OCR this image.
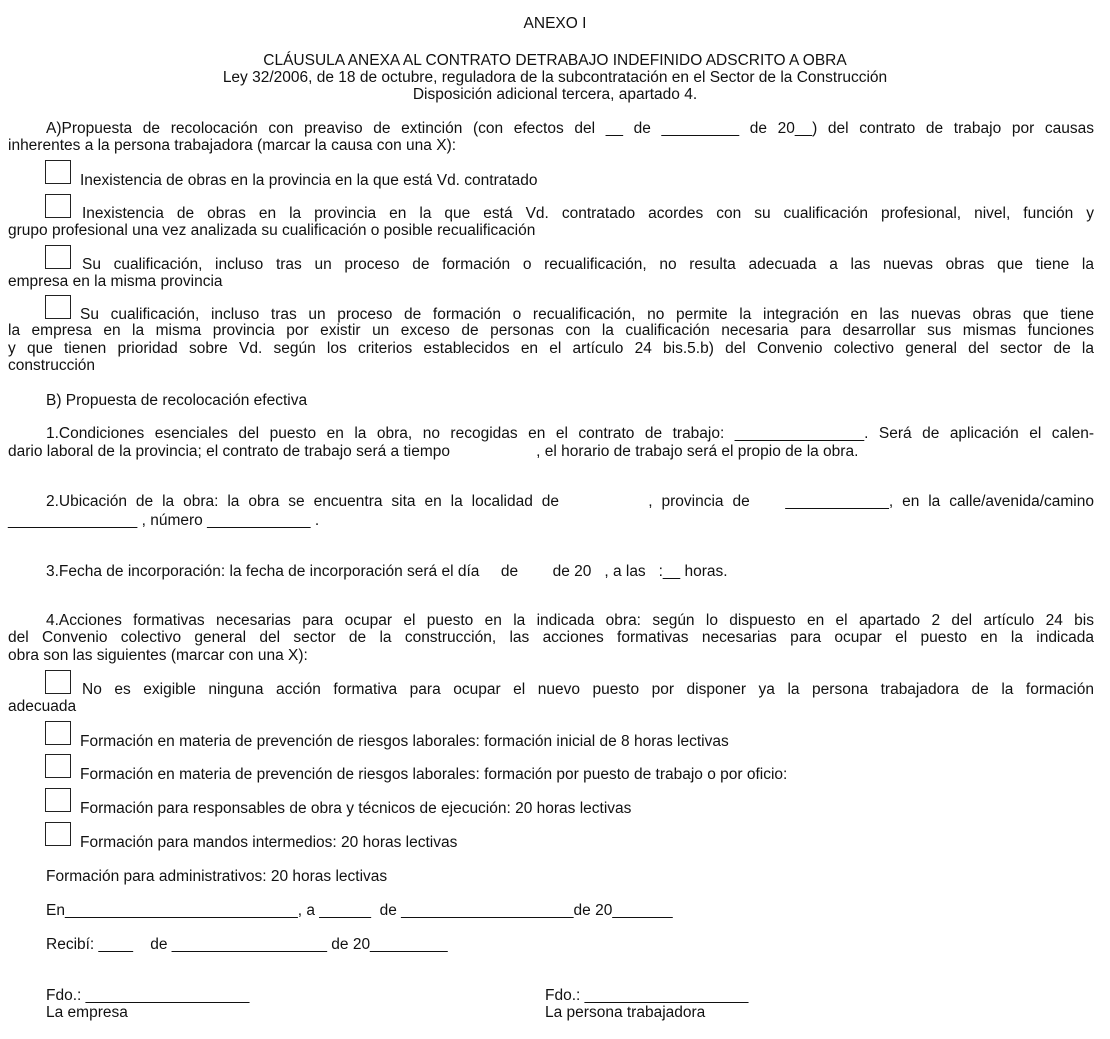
ANEXO I
CLÁUSULA ANEXA AL CONTRATO DETRABAJO INDEFINIDO ADSCRITO A OBRA
Ley 32/2006, de 18 de octubre, reguladora de la subcontratación en el Sector de la Construcción
Disposición adicional tercera, apartado 4.
A)Propuesta de recolocación con preaviso de extinción (con efectos del __ de _________ de 20__) del contrato de trabajo por causas
inherentes a la persona trabajadora (marcar la causa con una X):
Inexistencia de obras en la provincia en la que está Vd. contratado
Inexistencia de obras en la provincia en la que está Vd. contratado acordes con su cualificación profesional, nivel, función y
grupo profesional una vez analizada su cualificación o posible recualificación
Su cualificación, incluso tras un proceso de formación o recualificación, no resulta adecuada a las nuevas obras que tiene la
empresa en la misma provincia
Su cualificación, incluso tras un proceso de formación o recualificación, no permite la integración en las nuevas obras que tiene
la empresa en la misma provincia por existir un exceso de personas con la cualificación necesaria para desarrollar sus mismas funciones
y que tienen prioridad sobre Vd. según los criterios establecidos en el artículo 24 bis.5.b) del Convenio colectivo general del sector de la
construcción
B) Propuesta de recolocación efectiva
1.Condiciones esenciales del puesto en la obra, no recogidas en el contrato de trabajo: _______________. Será de aplicación el calen-
dario laboral de la provincia; el contrato de trabajo será a tiempo                    , el horario de trabajo será el propio de la obra.
2.Ubicación de la obra: la obra se encuentra sita en la localidad de          , provincia de    ____________, en la calle/avenida/camino
_______________ , número ____________ .
3.Fecha de incorporación: la fecha de incorporación será el día     de        de 20   , a las   :__ horas.
4.Acciones formativas necesarias para ocupar el puesto en la indicada obra: según lo dispuesto en el apartado 2 del artículo 24 bis
del Convenio colectivo general del sector de la construcción, las acciones formativas necesarias para ocupar el puesto en la indicada
obra son las siguientes (marcar con una X):
No es exigible ninguna acción formativa para ocupar el nuevo puesto por disponer ya la persona trabajadora de la formación
adecuada
Formación en materia de prevención de riesgos laborales: formación inicial de 8 horas lectivas
Formación en materia de prevención de riesgos laborales: formación por puesto de trabajo o por oficio:
Formación para responsables de obra y técnicos de ejecución: 20 horas lectivas
Formación para mandos intermedios: 20 horas lectivas
Formación para administrativos: 20 horas lectivas
En___________________________, a ______  de ____________________de 20_______
Recibí: ____    de __________________ de 20_________
Fdo.: ___________________
La empresa
Fdo.: ___________________
La persona trabajadora
